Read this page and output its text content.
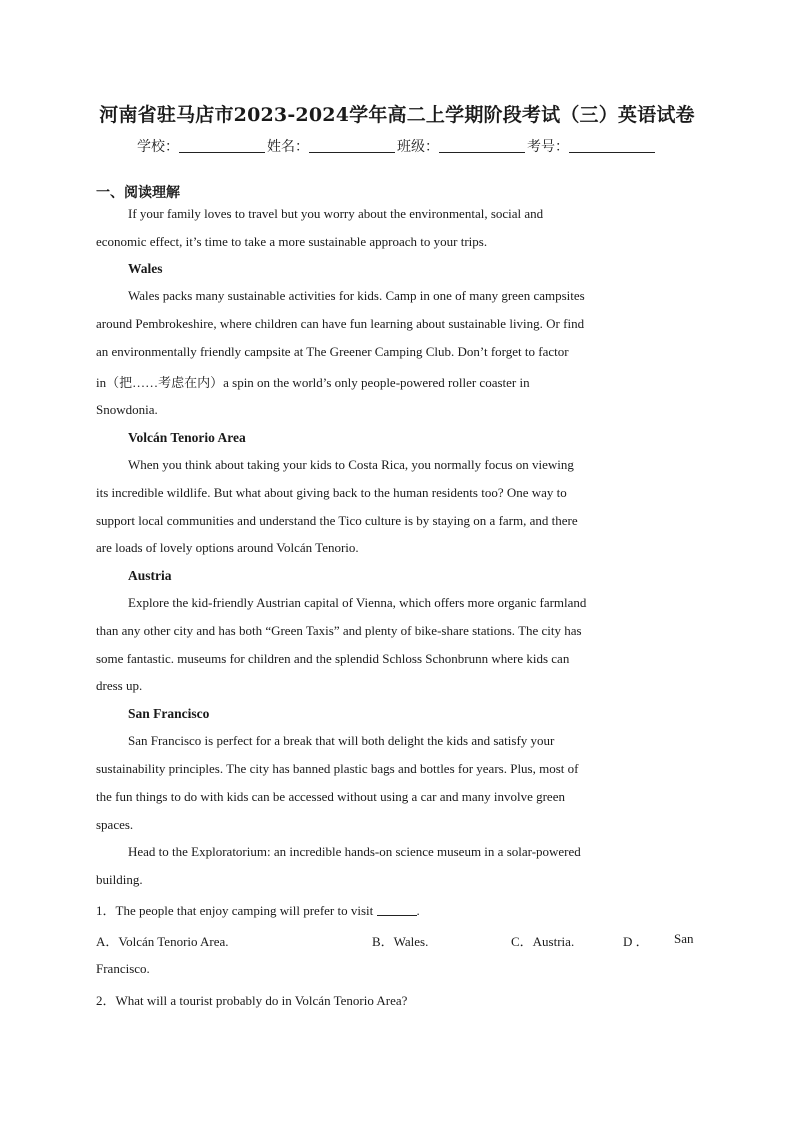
河南省驻马店市2023-2024学年高二上学期阶段考试（三）英语试卷
学校：	姓名：	班级：	考号：
一、阅读理解
If your family loves to travel but you worry about the environmental, social and
economic effect, it’s time to take a more sustainable approach to your trips.
Wales
Wales packs many sustainable activities for kids. Camp in one of many green campsites
around Pembrokeshire, where children can have fun learning about sustainable living. Or find
an environmentally friendly campsite at The Greener Camping Club. Don’t forget to factor
in（把……考虑在内）a spin on the world’s only people-powered roller coaster in
Snowdonia.
Volcán Tenorio Area
When you think about taking your kids to Costa Rica, you normally focus on viewing
its incredible wildlife. But what about giving back to the human residents too? One way to
support local communities and understand the Tico culture is by staying on a farm, and there
are loads of lovely options around Volcán Tenorio.
Austria
Explore the kid-friendly Austrian capital of Vienna, which offers more organic farmland
than any other city and has both “Green Taxis” and plenty of bike-share stations. The city has
some fantastic. museums for children and the splendid Schloss Schonbrunn where kids can
dress up.
San Francisco
San Francisco is perfect for a break that will both delight the kids and satisfy your
sustainability principles. The city has banned plastic bags and bottles for years. Plus, most of
the fun things to do with kids can be accessed without using a car and many involve green
spaces.
Head to the Exploratorium: an incredible hands-on science museum in a solar-powered
building.
1．The people that enjoy camping will prefer to visit	.
A．Volcán Tenorio Area.	B．Wales.	C．Austria.	D ． San
Francisco.
2．What will a tourist probably do in Volcán Tenorio Area?
